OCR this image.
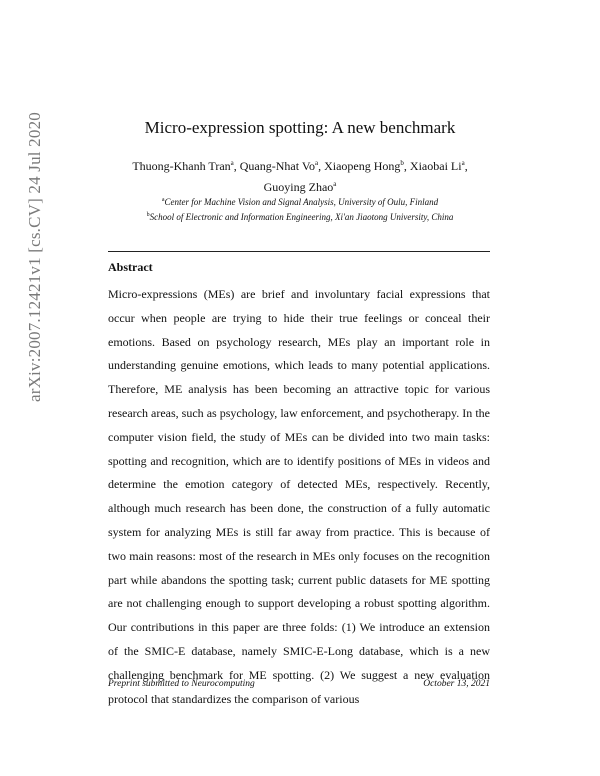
arXiv:2007.12421v1 [cs.CV] 24 Jul 2020	Micro-expression spotting: A new benchmark
Thuong-Khanh Tran$^a$, Quang-Nhat Vo$^a$, Xiaopeng Hong$^b$, Xiaobai Li$^a$,
Guoying Zhao$^a$
$^a$Center for Machine Vision and Signal Analysis, University of Oulu, Finland
$^b$School of Electronic and Information Engineering, Xi'an Jiaotong University, China
Abstract
Micro-expressions (MEs) are brief and involuntary facial expressions that occur when people are trying to hide their true feelings or conceal their emotions. Based on psychology research, MEs play an important role in understanding genuine emotions, which leads to many potential applications. Therefore, ME analysis has been becoming an attractive topic for various research areas, such as psychology, law enforcement, and psychotherapy. In the computer vision field, the study of MEs can be divided into two main tasks: spotting and recognition, which are to identify positions of MEs in videos and determine the emotion category of detected MEs, respectively. Recently, although much research has been done, the construction of a fully automatic system for analyzing MEs is still far away from practice. This is because of two main reasons: most of the research in MEs only focuses on the recognition part while abandons the spotting task; current public datasets for ME spotting are not challenging enough to support developing a robust spotting algorithm. Our contributions in this paper are three folds: (1) We introduce an extension of the SMIC-E database, namely SMIC-E-Long database, which is a new challenging benchmark for ME spotting. (2) We suggest a new evaluation protocol that standardizes the comparison of various
Preprint submitted to Neurocomputing	October 13, 2021
